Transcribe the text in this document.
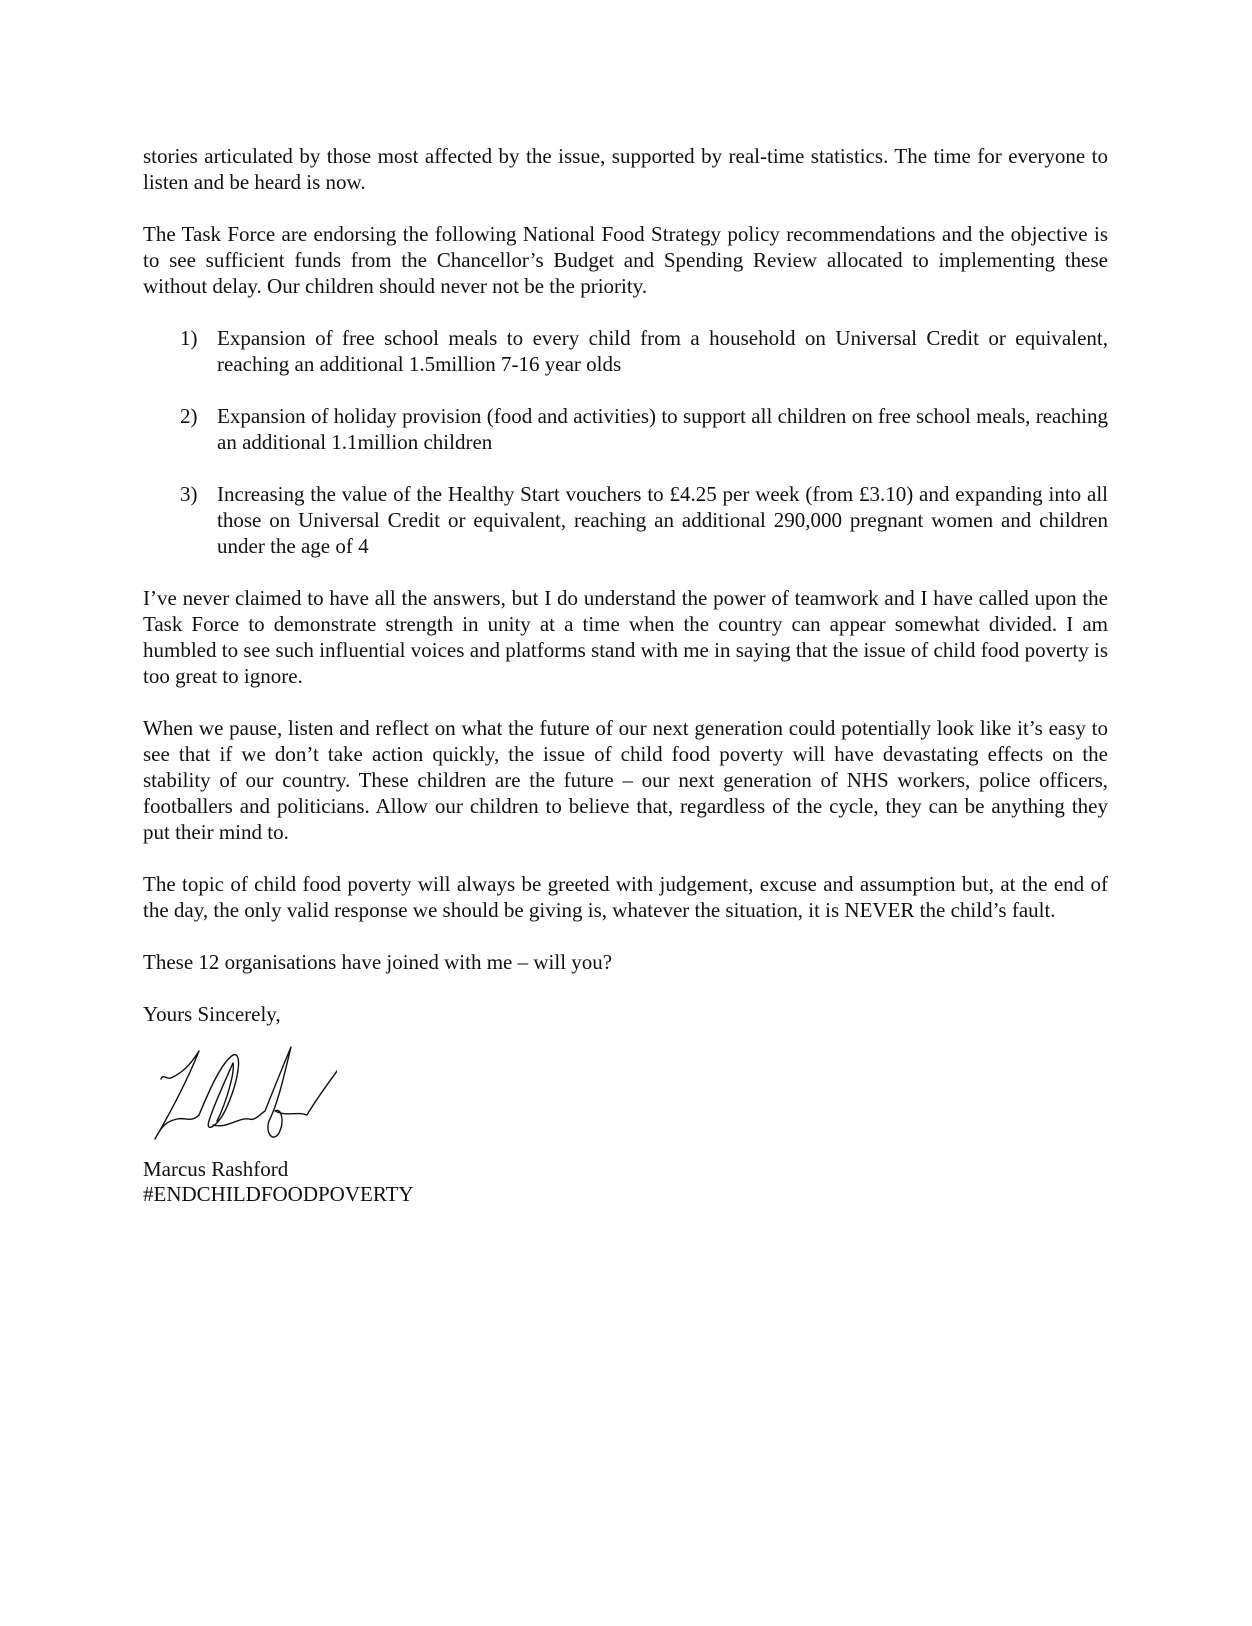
stories articulated by those most affected by the issue, supported by real-time statistics. The time for everyone to listen and be heard is now.

The Task Force are endorsing the following National Food Strategy policy recommendations and the objective is to see sufficient funds from the Chancellor’s Budget and Spending Review allocated to implementing these without delay. Our children should never not be the priority.

1) Expansion of free school meals to every child from a household on Universal Credit or equivalent, reaching an additional 1.5million 7-16 year olds
2) Expansion of holiday provision (food and activities) to support all children on free school meals, reaching an additional 1.1million children
3) Increasing the value of the Healthy Start vouchers to £4.25 per week (from £3.10) and expanding into all those on Universal Credit or equivalent, reaching an additional 290,000 pregnant women and children under the age of 4

I’ve never claimed to have all the answers, but I do understand the power of teamwork and I have called upon the Task Force to demonstrate strength in unity at a time when the country can appear somewhat divided. I am humbled to see such influential voices and platforms stand with me in saying that the issue of child food poverty is too great to ignore.

When we pause, listen and reflect on what the future of our next generation could potentially look like it’s easy to see that if we don’t take action quickly, the issue of child food poverty will have devastating effects on the stability of our country. These children are the future – our next generation of NHS workers, police officers, footballers and politicians. Allow our children to believe that, regardless of the cycle, they can be anything they put their mind to.

The topic of child food poverty will always be greeted with judgement, excuse and assumption but, at the end of the day, the only valid response we should be giving is, whatever the situation, it is NEVER the child’s fault.

These 12 organisations have joined with me – will you?

Yours Sincerely,

Marcus Rashford

#ENDCHILDFOODPOVERTY
